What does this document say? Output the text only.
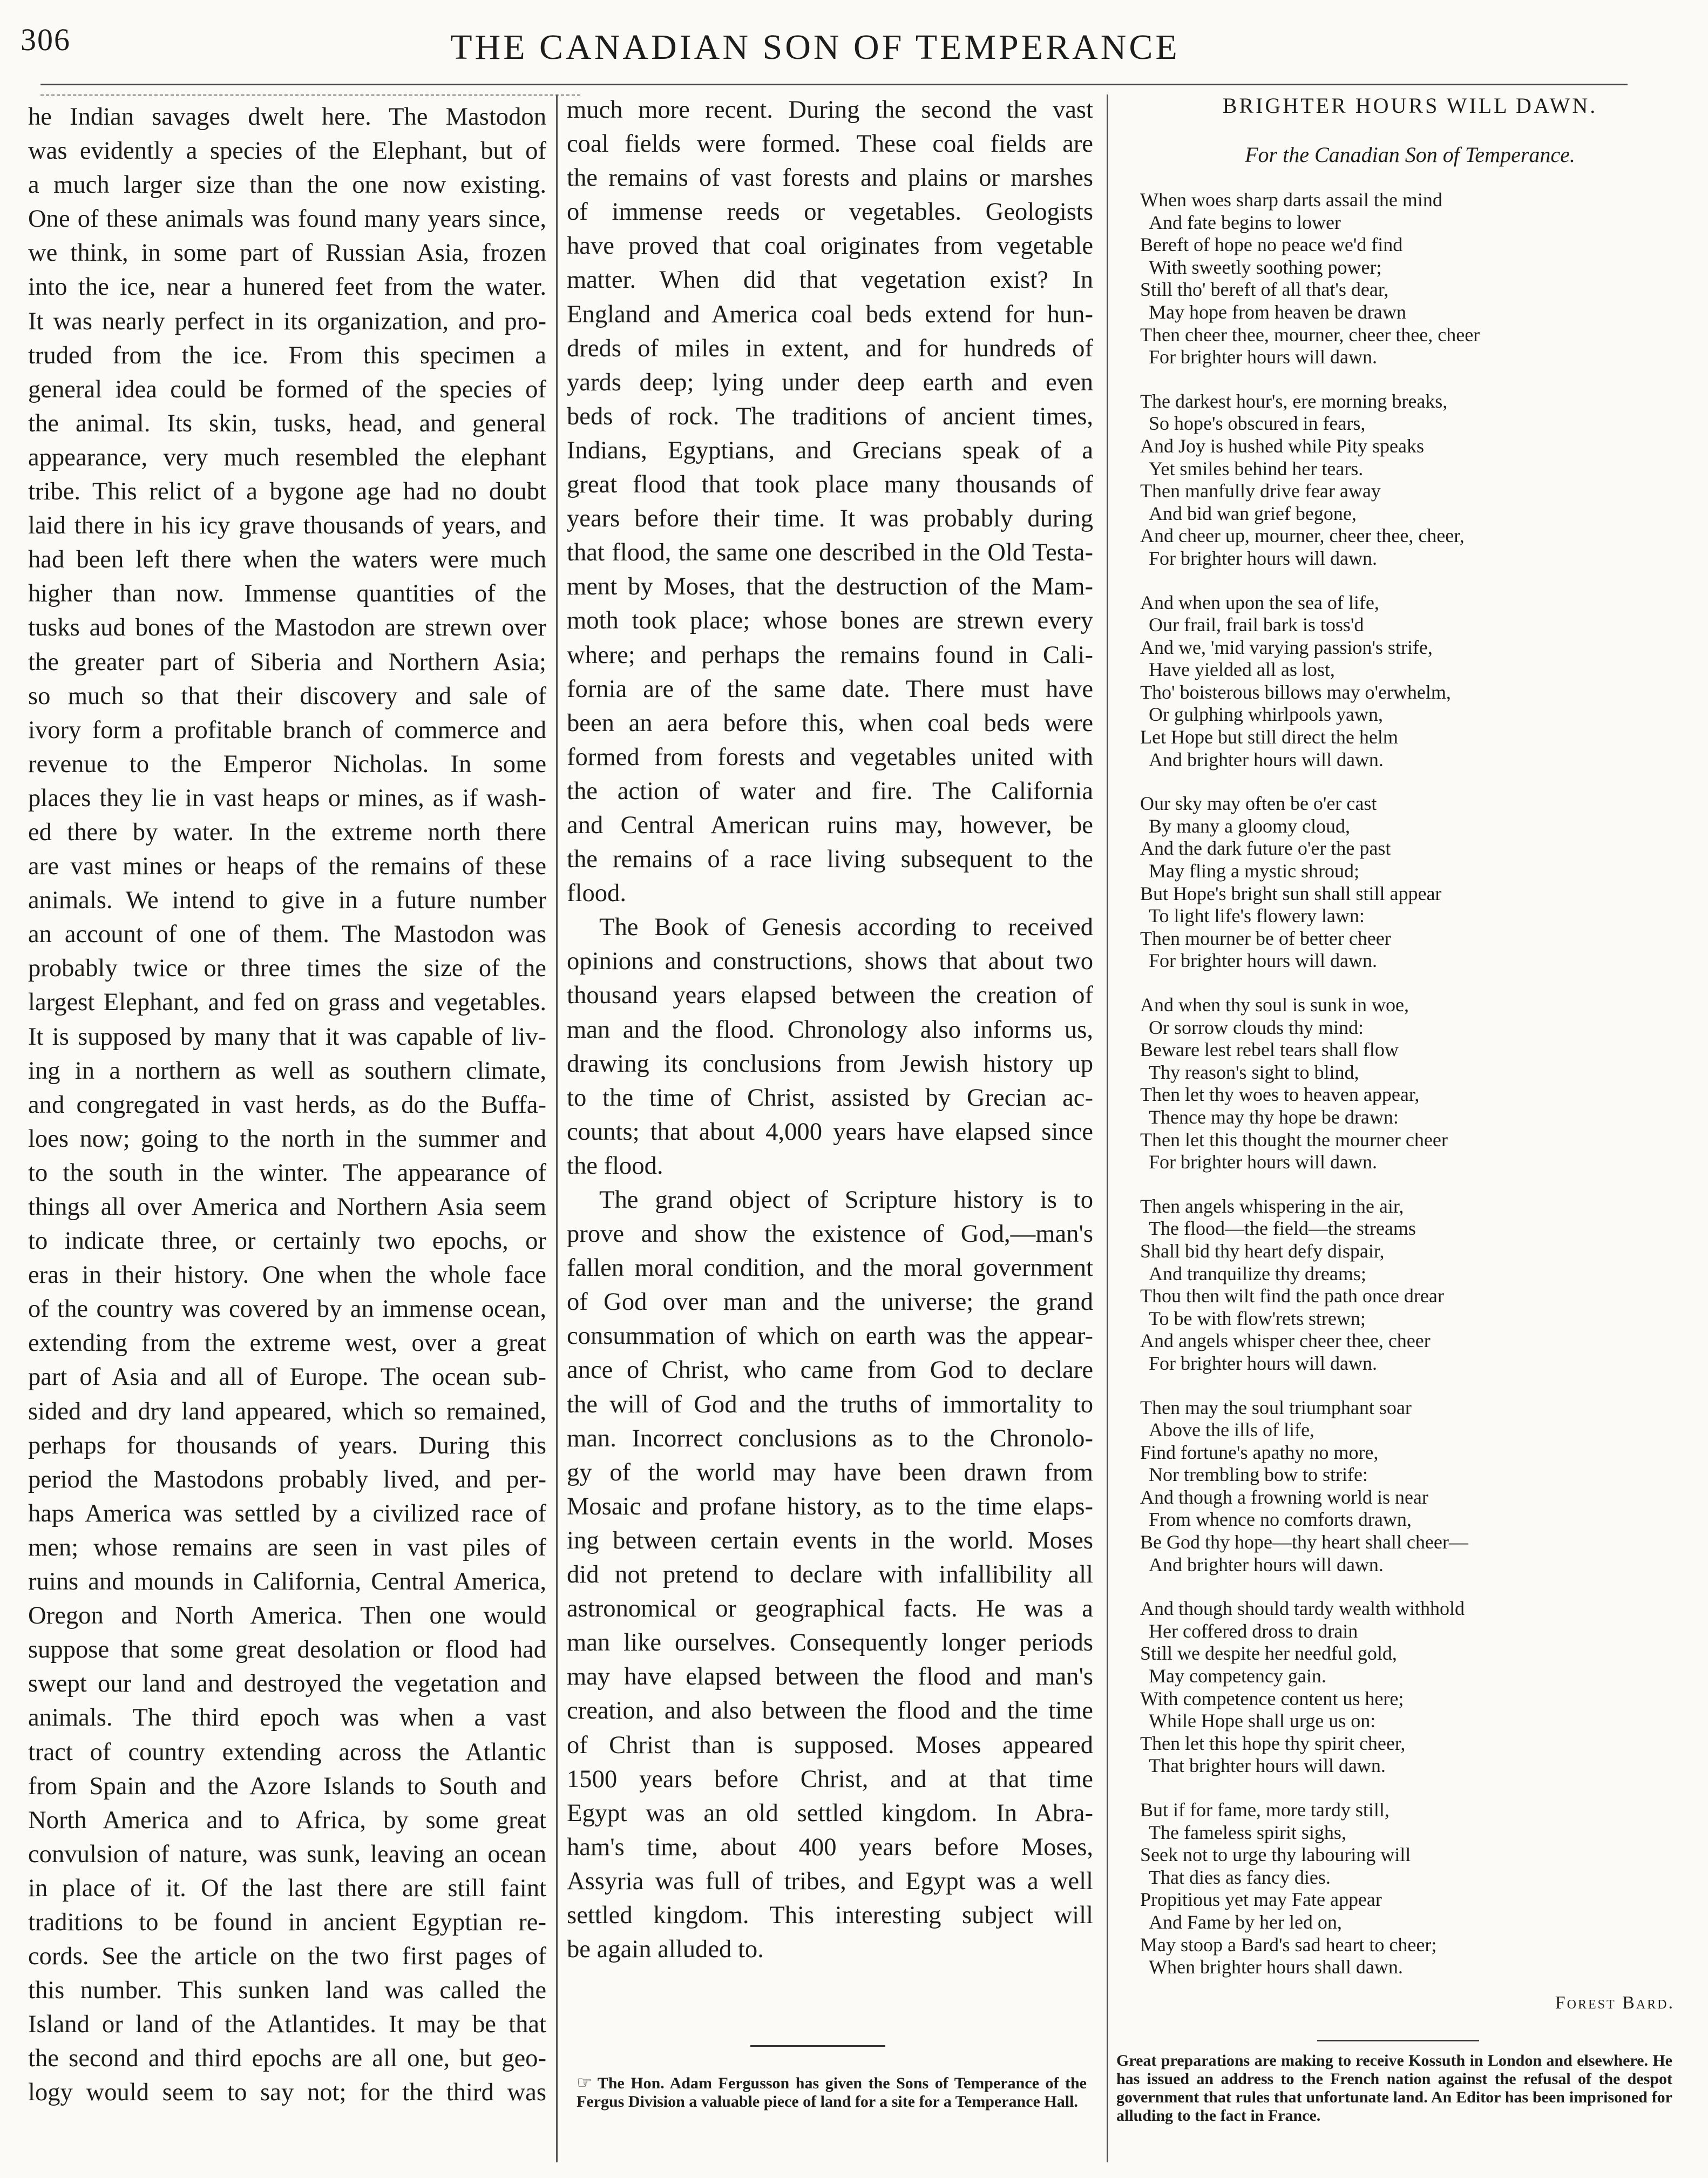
306	THE CANADIAN SON OF TEMPERANCE
he Indian savages dwelt here. The Mastodon
was evidently a species of the Elephant, but of
a much larger size than the one now existing.
One of these animals was found many years since,
we think, in some part of Russian Asia, frozen
into the ice, near a hunered feet from the water.
It was nearly perfect in its organization, and pro-
truded from the ice. From this specimen a
general idea could be formed of the species of
the animal. Its skin, tusks, head, and general
appearance, very much resembled the elephant
tribe. This relict of a bygone age had no doubt
laid there in his icy grave thousands of years, and
had been left there when the waters were much
higher than now. Immense quantities of the
tusks aud bones of the Mastodon are strewn over
the greater part of Siberia and Northern Asia;
so much so that their discovery and sale of
ivory form a profitable branch of commerce and
revenue to the Emperor Nicholas. In some
places they lie in vast heaps or mines, as if wash-
ed there by water. In the extreme north there
are vast mines or heaps of the remains of these
animals. We intend to give in a future number
an account of one of them. The Mastodon was
probably twice or three times the size of the
largest Elephant, and fed on grass and vegetables.
It is supposed by many that it was capable of liv-
ing in a northern as well as southern climate,
and congregated in vast herds, as do the Buffa-
loes now; going to the north in the summer and
to the south in the winter. The appearance of
things all over America and Northern Asia seem
to indicate three, or certainly two epochs, or
eras in their history. One when the whole face
of the country was covered by an immense ocean,
extending from the extreme west, over a great
part of Asia and all of Europe. The ocean sub-
sided and dry land appeared, which so remained,
perhaps for thousands of years. During this
period the Mastodons probably lived, and per-
haps America was settled by a civilized race of
men; whose remains are seen in vast piles of
ruins and mounds in California, Central America,
Oregon and North America. Then one would
suppose that some great desolation or flood had
swept our land and destroyed the vegetation and
animals. The third epoch was when a vast
tract of country extending across the Atlantic
from Spain and the Azore Islands to South and
North America and to Africa, by some great
convulsion of nature, was sunk, leaving an ocean
in place of it. Of the last there are still faint
traditions to be found in ancient Egyptian re-
cords. See the article on the two first pages of
this number. This sunken land was called the
Island or land of the Atlantides. It may be that
the second and third epochs are all one, but geo-
logy would seem to say not; for the third was
much more recent. During the second the vast
coal fields were formed. These coal fields are
the remains of vast forests and plains or marshes
of immense reeds or vegetables. Geologists
have proved that coal originates from vegetable
matter. When did that vegetation exist? In
England and America coal beds extend for hun-
dreds of miles in extent, and for hundreds of
yards deep; lying under deep earth and even
beds of rock. The traditions of ancient times,
Indians, Egyptians, and Grecians speak of a
great flood that took place many thousands of
years before their time. It was probably during
that flood, the same one described in the Old Testa-
ment by Moses, that the destruction of the Mam-
moth took place; whose bones are strewn every
where; and perhaps the remains found in Cali-
fornia are of the same date. There must have
been an aera before this, when coal beds were
formed from forests and vegetables united with
the action of water and fire. The California
and Central American ruins may, however, be
the remains of a race living subsequent to the
flood.
The Book of Genesis according to received
opinions and constructions, shows that about two
thousand years elapsed between the creation of
man and the flood. Chronology also informs us,
drawing its conclusions from Jewish history up
to the time of Christ, assisted by Grecian ac-
counts; that about 4,000 years have elapsed since
the flood.
The grand object of Scripture history is to
prove and show the existence of God,—man's
fallen moral condition, and the moral government
of God over man and the universe; the grand
consummation of which on earth was the appear-
ance of Christ, who came from God to declare
the will of God and the truths of immortality to
man. Incorrect conclusions as to the Chronolo-
gy of the world may have been drawn from
Mosaic and profane history, as to the time elaps-
ing between certain events in the world. Moses
did not pretend to declare with infallibility all
astronomical or geographical facts. He was a
man like ourselves. Consequently longer periods
may have elapsed between the flood and man's
creation, and also between the flood and the time
of Christ than is supposed. Moses appeared
1500 years before Christ, and at that time
Egypt was an old settled kingdom. In Abra-
ham's time, about 400 years before Moses,
Assyria was full of tribes, and Egypt was a well
settled kingdom. This interesting subject will
be again alluded to.
BRIGHTER HOURS WILL DAWN.
For the Canadian Son of Temperance.
When woes sharp darts assail the mind
And fate begins to lower
Bereft of hope no peace we'd find
With sweetly soothing power;
Still tho' bereft of all that's dear,
May hope from heaven be drawn
Then cheer thee, mourner, cheer thee, cheer
For brighter hours will dawn.
The darkest hour's, ere morning breaks,
So hope's obscured in fears,
And Joy is hushed while Pity speaks
Yet smiles behind her tears.
Then manfully drive fear away
And bid wan grief begone,
And cheer up, mourner, cheer thee, cheer,
For brighter hours will dawn.
And when upon the sea of life,
Our frail, frail bark is toss'd
And we, 'mid varying passion's strife,
Have yielded all as lost,
Tho' boisterous billows may o'erwhelm,
Or gulphing whirlpools yawn,
Let Hope but still direct the helm
And brighter hours will dawn.
Our sky may often be o'er cast
By many a gloomy cloud,
And the dark future o'er the past
May fling a mystic shroud;
But Hope's bright sun shall still appear
To light life's flowery lawn:
Then mourner be of better cheer
For brighter hours will dawn.
And when thy soul is sunk in woe,
Or sorrow clouds thy mind:
Beware lest rebel tears shall flow
Thy reason's sight to blind,
Then let thy woes to heaven appear,
Thence may thy hope be drawn:
Then let this thought the mourner cheer
For brighter hours will dawn.
Then angels whispering in the air,
The flood—the field—the streams
Shall bid thy heart defy dispair,
And tranquilize thy dreams;
Thou then wilt find the path once drear
To be with flow'rets strewn;
And angels whisper cheer thee, cheer
For brighter hours will dawn.
Then may the soul triumphant soar
Above the ills of life,
Find fortune's apathy no more,
Nor trembling bow to strife:
And though a frowning world is near
From whence no comforts drawn,
Be God thy hope—thy heart shall cheer—
And brighter hours will dawn.
And though should tardy wealth withhold
Her coffered dross to drain
Still we despite her needful gold,
May competency gain.
With competence content us here;
While Hope shall urge us on:
Then let this hope thy spirit cheer,
That brighter hours will dawn.
But if for fame, more tardy still,
The fameless spirit sighs,
Seek not to urge thy labouring will
That dies as fancy dies.
Propitious yet may Fate appear
And Fame by her led on,
May stoop a Bard's sad heart to cheer;
When brighter hours shall dawn.
Forest Bard.

☞ The Hon. Adam Fergusson has given the Sons of Temperance of the Fergus Division a valuable piece of land for a site for a Temperance Hall.

Great preparations are making to receive Kossuth in London and elsewhere. He has issued an address to the French nation against the refusal of the despot government that rules that unfortunate land. An Editor has been imprisoned for alluding to the fact in France.
